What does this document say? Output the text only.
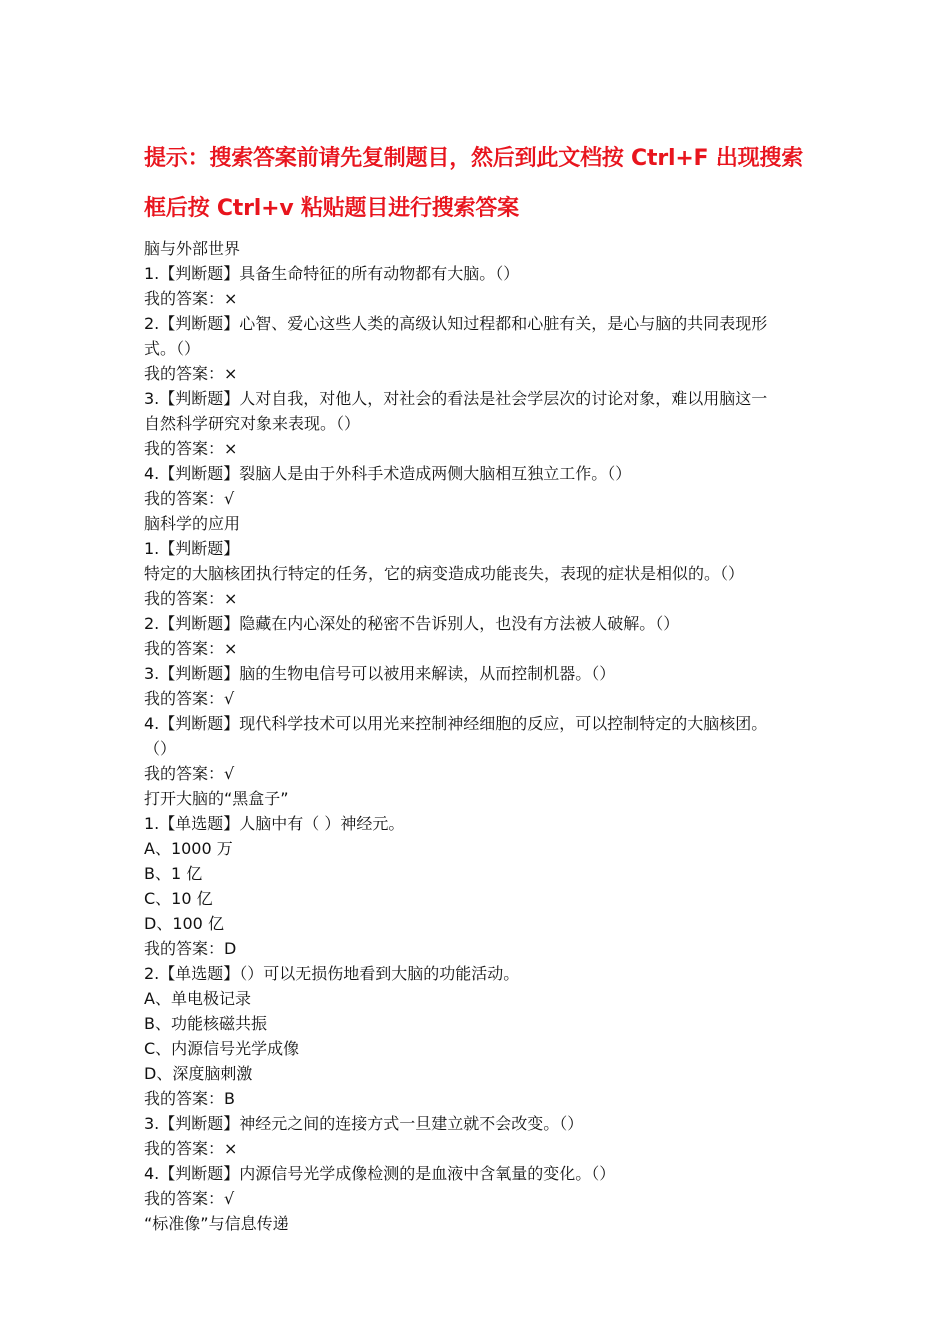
提示：搜索答案前请先复制题目，然后到此文档按 Ctrl+F 出现搜索
框后按 Ctrl+v 粘贴题目进行搜索答案

脑与外部世界

1.【判断题】具备生命特征的所有动物都有大脑。（）

我的答案：×

2.【判断题】心智、爱心这些人类的高级认知过程都和心脏有关，是心与脑的共同表现形

式。（）

我的答案：×

3.【判断题】人对自我，对他人，对社会的看法是社会学层次的讨论对象，难以用脑这一

自然科学研究对象来表现。（）

我的答案：×

4.【判断题】裂脑人是由于外科手术造成两侧大脑相互独立工作。（）

我的答案：√

脑科学的应用

1.【判断题】

特定的大脑核团执行特定的任务，它的病变造成功能丧失，表现的症状是相似的。（）

我的答案：×

2.【判断题】隐藏在内心深处的秘密不告诉别人，也没有方法被人破解。（）

我的答案：×

3.【判断题】脑的生物电信号可以被用来解读，从而控制机器。（）

我的答案：√

4.【判断题】现代科学技术可以用光来控制神经细胞的反应，可以控制特定的大脑核团。

（）

我的答案：√

打开大脑的“黑盒子”

1.【单选题】人脑中有（ ）神经元。

A、1000 万

B、1 亿

C、10 亿

D、100 亿

我的答案：D

2.【单选题】（）可以无损伤地看到大脑的功能活动。

A、单电极记录

B、功能核磁共振

C、内源信号光学成像

D、深度脑刺激

我的答案：B

3.【判断题】神经元之间的连接方式一旦建立就不会改变。（）

我的答案：×

4.【判断题】内源信号光学成像检测的是血液中含氧量的变化。（）

我的答案：√

“标准像”与信息传递
